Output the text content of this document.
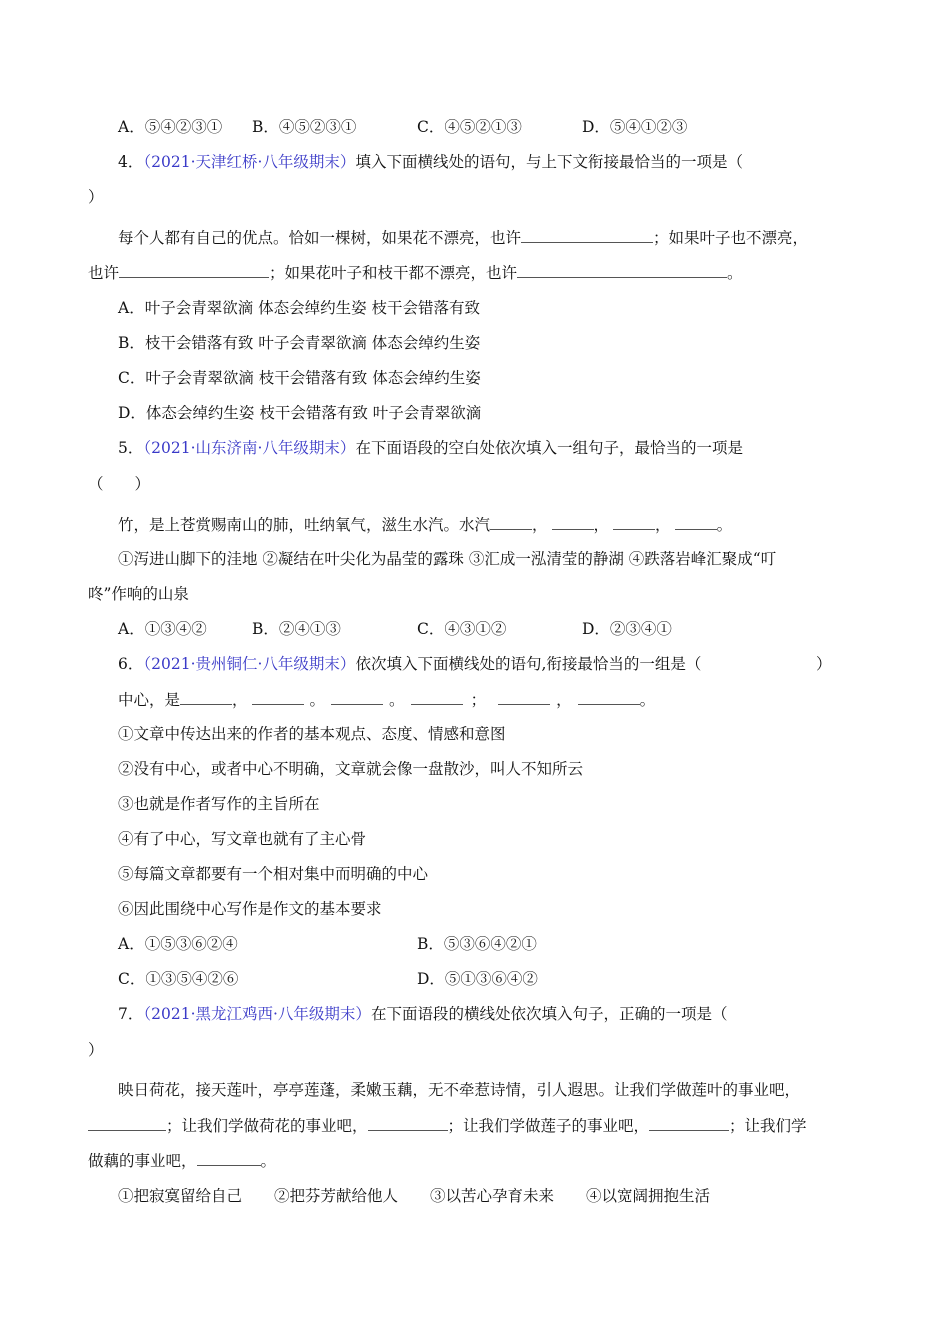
A．⑤④②③① B．④⑤②③①	C．④⑤②①③	D．⑤④①②③
4．（2021·天津红桥·八年级期末）填入下面横线处的语句，与上下文衔接最恰当的一项是（
）
每个人都有自己的优点。恰如一棵树，如果花不漂亮，也许	；如果叶子也不漂亮，
也许	；如果花叶子和枝干都不漂亮，也许	。
A．叶子会青翠欲滴 体态会绰约生姿 枝干会错落有致
B．枝干会错落有致 叶子会青翠欲滴 体态会绰约生姿
C．叶子会青翠欲滴 枝干会错落有致 体态会绰约生姿
D．体态会绰约生姿 枝干会错落有致 叶子会青翠欲滴
5．（2021·山东济南·八年级期末）在下面语段的空白处依次填入一组句子，最恰当的一项是
（　　）
竹，是上苍赏赐南山的肺，吐纳氧气，滋生水汽。水汽	，	，	，	。
①泻进山脚下的洼地 ②凝结在叶尖化为晶莹的露珠 ③汇成一泓清莹的静湖 ④跌落岩峰汇聚成“叮
咚”作响的山泉
A．①③④②	B．②④①③	C．④③①②	D．②③④①
6．（2021·贵州铜仁·八年级期末）依次填入下面横线处的语句,衔接最恰当的一组是（	）
中心，是	，	。	。	；	，	。
①文章中传达出来的作者的基本观点、态度、情感和意图
②没有中心，或者中心不明确，文章就会像一盘散沙，叫人不知所云
③也就是作者写作的主旨所在
④有了中心，写文章也就有了主心骨
⑤每篇文章都要有一个相对集中而明确的中心
⑥因此围绕中心写作是作文的基本要求
A．①⑤③⑥②④	B．⑤③⑥④②①
C．①③⑤④②⑥	D．⑤①③⑥④②
7．（2021·黑龙江鸡西·八年级期末）在下面语段的横线处依次填入句子，正确的一项是（
）
映日荷花，接天莲叶，亭亭莲蓬，柔嫩玉藕，无不牵惹诗情，引人遐思。让我们学做莲叶的事业吧，
；让我们学做荷花的事业吧，	；让我们学做莲子的事业吧，	；让我们学
做藕的事业吧，	。
①把寂寞留给自己 ②把芬芳献给他人 ③以苦心孕育未来 ④以宽阔拥抱生活
